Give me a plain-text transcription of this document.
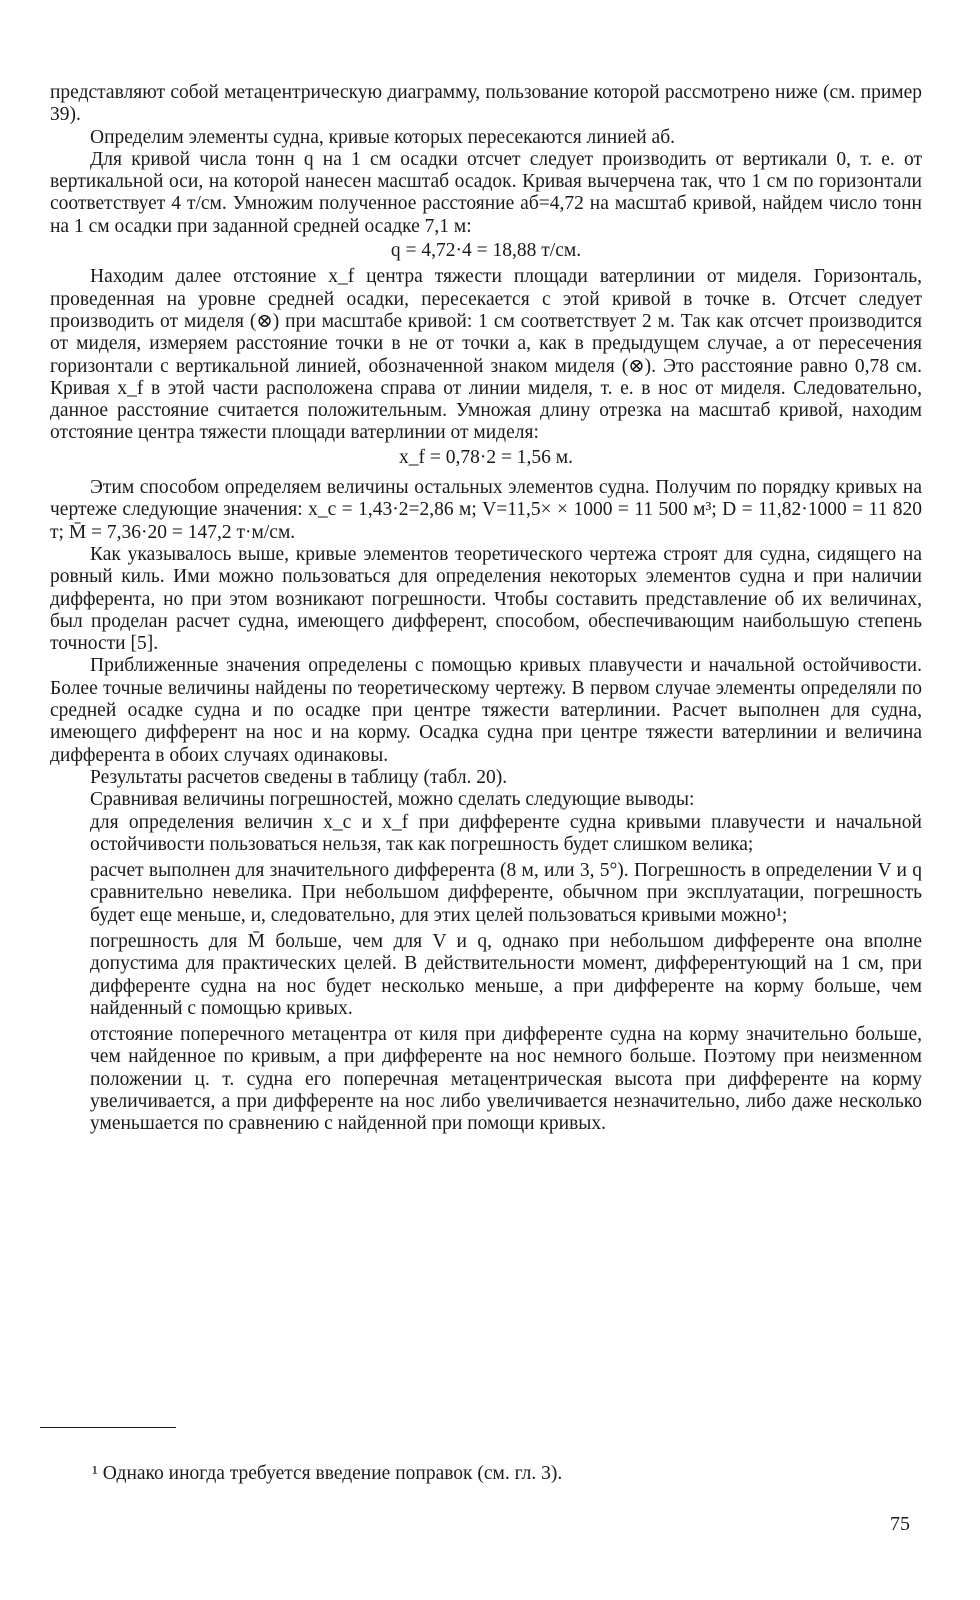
представляют собой метацентрическую диаграмму, пользование которой рассмотрено ниже (см. пример 39).

Определим элементы судна, кривые которых пересекаются линией аб.

Для кривой числа тонн q на 1 см осадки отсчет следует производить от вертикали 0, т. е. от вертикальной оси, на которой нанесен масштаб осадок. Кривая вычерчена так, что 1 см по горизонтали соответствует 4 т/см. Умножим полученное расстояние аб=4,72 на масштаб кривой, найдем число тонн на 1 см осадки при заданной средней осадке 7,1 м:

q = 4,72·4 = 18,88 т/см.

Находим далее отстояние x_f центра тяжести площади ватерлинии от миделя. Горизонталь, проведенная на уровне средней осадки, пересекается с этой кривой в точке в. Отсчет следует производить от миделя (⊗) при масштабе кривой: 1 см соответствует 2 м. Так как отсчет производится от миделя, измеряем расстояние точки в не от точки а, как в предыдущем случае, а от пересечения горизонтали с вертикальной линией, обозначенной знаком миделя (⊗). Это расстояние равно 0,78 см. Кривая x_f в этой части расположена справа от линии миделя, т. е. в нос от миделя. Следовательно, данное расстояние считается положительным. Умножая длину отрезка на масштаб кривой, находим отстояние центра тяжести площади ватерлинии от миделя:

x_f = 0,78·2 = 1,56 м.

Этим способом определяем величины остальных элементов судна. Получим по порядку кривых на чертеже следующие значения: x_c = 1,43·2=2,86 м; V=11,5× × 1000 = 11 500 м³; D = 11,82·1000 = 11 820 т; M̄ = 7,36·20 = 147,2 т·м/см.

Как указывалось выше, кривые элементов теоретического чертежа строят для судна, сидящего на ровный киль. Ими можно пользоваться для определения некоторых элементов судна и при наличии дифферента, но при этом возникают погрешности. Чтобы составить представление об их величинах, был проделан расчет судна, имеющего дифферент, способом, обеспечивающим наибольшую степень точности [5].

Приближенные значения определены с помощью кривых плавучести и начальной остойчивости. Более точные величины найдены по теоретическому чертежу. В первом случае элементы определяли по средней осадке судна и по осадке при центре тяжести ватерлинии. Расчет выполнен для судна, имеющего дифферент на нос и на корму. Осадка судна при центре тяжести ватерлинии и величина дифферента в обоих случаях одинаковы.

Результаты расчетов сведены в таблицу (табл. 20).

Сравнивая величины погрешностей, можно сделать следующие выводы:

для определения величин x_c и x_f при дифференте судна кривыми плавучести и начальной остойчивости пользоваться нельзя, так как погрешность будет слишком велика;

расчет выполнен для значительного дифферента (8 м, или 3, 5°). Погрешность в определении V и q сравнительно невелика. При небольшом дифференте, обычном при эксплуатации, погрешность будет еще меньше, и, следовательно, для этих целей пользоваться кривыми можно¹;

погрешность для M̄ больше, чем для V и q, однако при небольшом дифференте она вполне допустима для практических целей. В действительности момент, дифферентующий на 1 см, при дифференте судна на нос будет несколько меньше, а при дифференте на корму больше, чем найденный с помощью кривых.

отстояние поперечного метацентра от киля при дифференте судна на корму значительно больше, чем найденное по кривым, а при дифференте на нос немного больше. Поэтому при неизменном положении ц. т. судна его поперечная метацентрическая высота при дифференте на корму увеличивается, а при дифференте на нос либо увеличивается незначительно, либо даже несколько уменьшается по сравнению с найденной при помощи кривых.

¹ Однако иногда требуется введение поправок (см. гл. 3).

75
